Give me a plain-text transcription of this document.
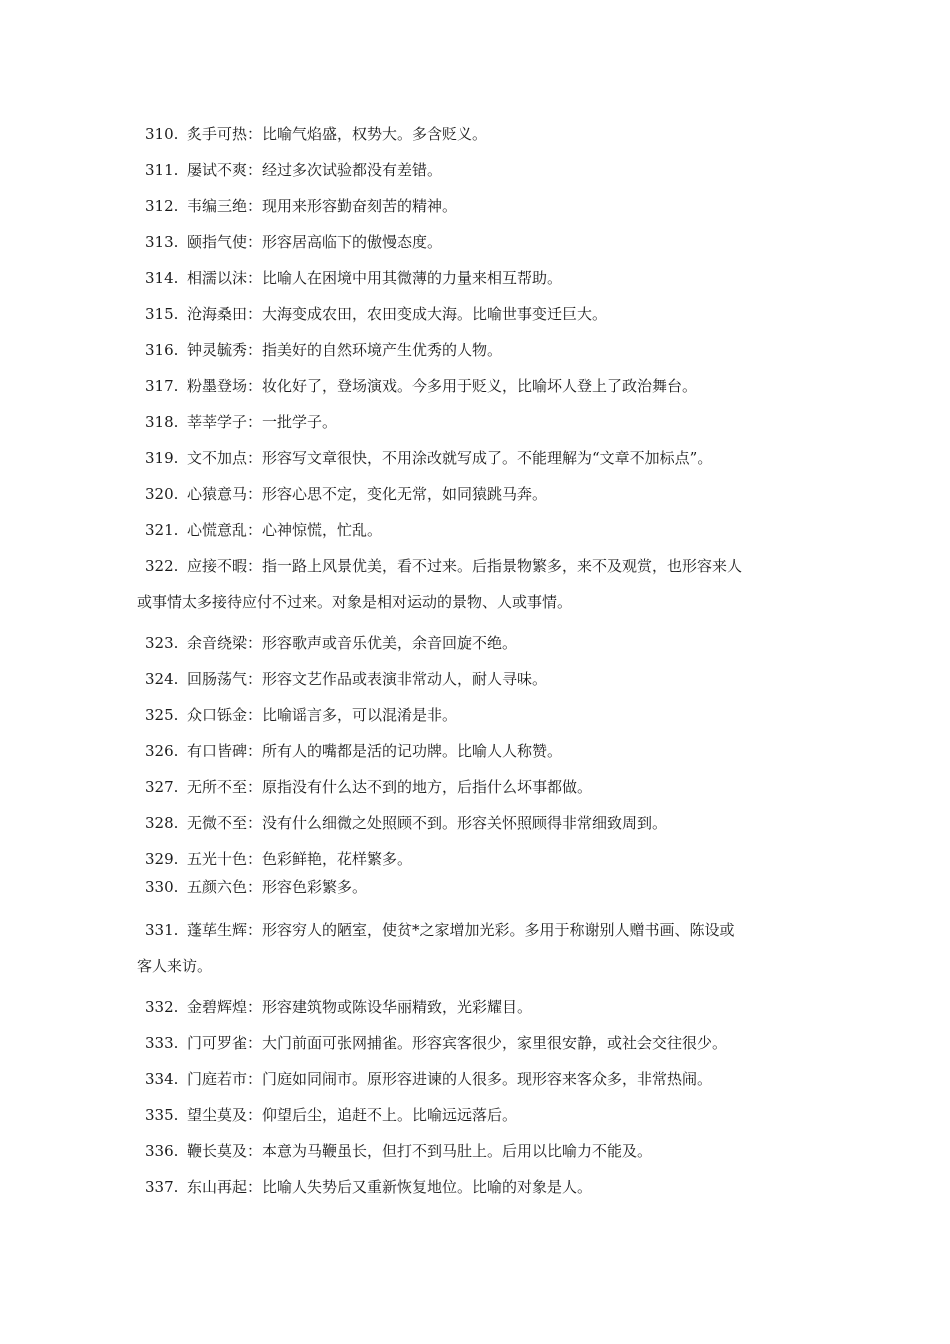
310. 炙手可热：比喻气焰盛，权势大。多含贬义。
311. 屡试不爽：经过多次试验都没有差错。
312. 韦编三绝：现用来形容勤奋刻苦的精神。
313. 颐指气使：形容居高临下的傲慢态度。
314. 相濡以沫：比喻人在困境中用其微薄的力量来相互帮助。
315. 沧海桑田：大海变成农田，农田变成大海。比喻世事变迁巨大。
316. 钟灵毓秀：指美好的自然环境产生优秀的人物。
317. 粉墨登场：妆化好了，登场演戏。今多用于贬义，比喻坏人登上了政治舞台。
318. 莘莘学子：一批学子。
319. 文不加点：形容写文章很快，不用涂改就写成了。不能理解为“文章不加标点”。
320. 心猿意马：形容心思不定，变化无常，如同猿跳马奔。
321. 心慌意乱：心神惊慌，忙乱。
322. 应接不暇：指一路上风景优美，看不过来。后指景物繁多，来不及观赏，也形容来人
或事情太多接待应付不过来。对象是相对运动的景物、人或事情。
323. 余音绕梁：形容歌声或音乐优美，余音回旋不绝。
324. 回肠荡气：形容文艺作品或表演非常动人，耐人寻味。
325. 众口铄金：比喻谣言多，可以混淆是非。
326. 有口皆碑：所有人的嘴都是活的记功牌。比喻人人称赞。
327. 无所不至：原指没有什么达不到的地方，后指什么坏事都做。
328. 无微不至：没有什么细微之处照顾不到。形容关怀照顾得非常细致周到。
329. 五光十色：色彩鲜艳，花样繁多。
330. 五颜六色：形容色彩繁多。
331. 蓬荜生辉：形容穷人的陋室，使贫*之家增加光彩。多用于称谢别人赠书画、陈设或
客人来访。
332. 金碧辉煌：形容建筑物或陈设华丽精致，光彩耀目。
333. 门可罗雀：大门前面可张网捕雀。形容宾客很少，家里很安静，或社会交往很少。
334. 门庭若市：门庭如同闹市。原形容进谏的人很多。现形容来客众多，非常热闹。
335. 望尘莫及：仰望后尘，追赶不上。比喻远远落后。
336. 鞭长莫及：本意为马鞭虽长，但打不到马肚上。后用以比喻力不能及。
337. 东山再起：比喻人失势后又重新恢复地位。比喻的对象是人。
